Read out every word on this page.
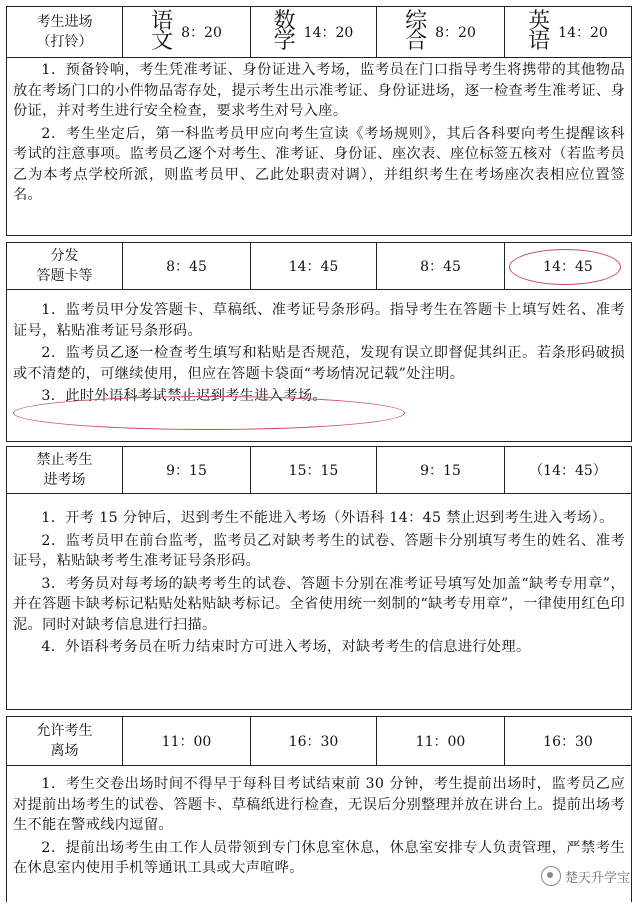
考生进场
（打铃）
语文 8：20 数学 14：20 综合 8：20 英语 14：20

1．预备铃响，考生凭准考证、身份证进入考场，监考员在门口指导考生将携带的其他物品放在考场门口的小件物品寄存处，提示考生出示准考证、身份证进场，逐一检查考生准考证、身份证，并对考生进行安全检查，要求考生对号入座。

2．考生坐定后，第一科监考员甲应向考生宣读《考场规则》，其后各科要向考生提醒该科考试的注意事项。监考员乙逐个对考生、准考证、身份证、座次表、座位标签五核对（若监考员乙为本考点学校所派，则监考员甲、乙此处职责对调），并组织考生在考场座次表相应位置签名。

分发
答题卡等
8：45	14：45	8：45	14：45

1．监考员甲分发答题卡、草稿纸、准考证号条形码。指导考生在答题卡上填写姓名、准考证号，粘贴准考证号条形码。

2．监考员乙逐一检查考生填写和粘贴是否规范，发现有误立即督促其纠正。若条形码破损或不清楚的，可继续使用，但应在答题卡袋面“考场情况记载”处注明。

3．此时外语科考试禁止迟到考生进入考场。

禁止考生
进考场
9：15	15：15	9：15	（14：45）

1．开考 15 分钟后，迟到考生不能进入考场（外语科 14：45 禁止迟到考生进入考场）。

2．监考员甲在前台监考，监考员乙对缺考考生的试卷、答题卡分别填写考生的姓名、准考证号，粘贴缺考考生准考证号条形码。

3．考务员对每考场的缺考考生的试卷、答题卡分别在准考证号填写处加盖“缺考专用章”，并在答题卡缺考标记粘贴处粘贴缺考标记。全省使用统一刻制的“缺考专用章”，一律使用红色印泥。同时对缺考信息进行扫描。

4．外语科考务员在听力结束时方可进入考场，对缺考考生的信息进行处理。

允许考生
离场
11：00	16：30	11：00	16：30

1．考生交卷出场时间不得早于每科目考试结束前 30 分钟，考生提前出场时，监考员乙应对提前出场考生的试卷、答题卡、草稿纸进行检查，无误后分别整理并放在讲台上。提前出场考生不能在警戒线内逗留。

2．提前出场考生由工作人员带领到专门休息室休息，休息室安排专人负责管理，严禁考生在休息室内使用手机等通讯工具或大声喧哗。

楚天升学宝
